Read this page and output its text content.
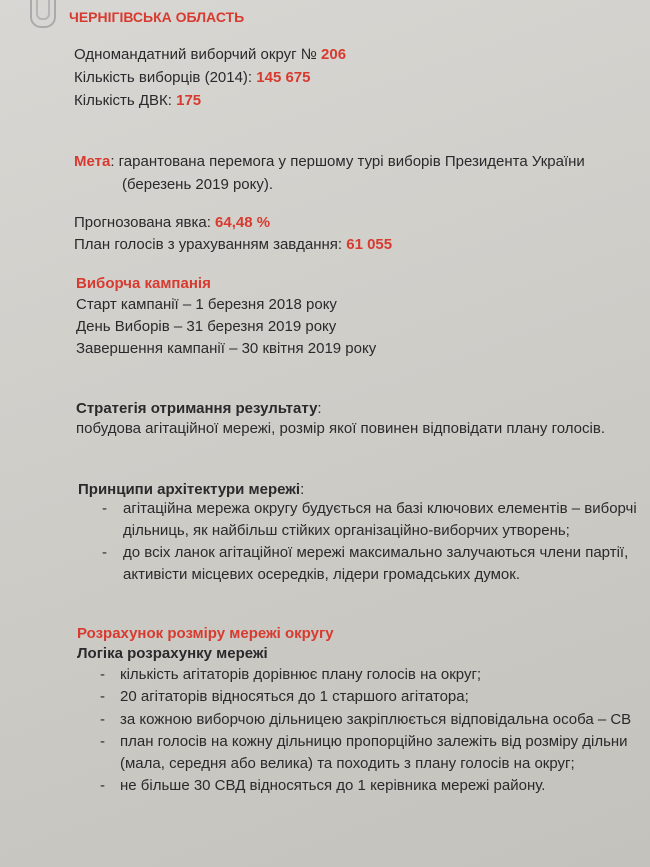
ЧЕРНІГІВСЬКА ОБЛАСТЬ
Одномандатний виборчий округ № 206
Кількість виборців (2014): 145 675
Кількість ДВК: 175
Мета: гарантована перемога у першому турі виборів Президента України
(березень 2019 року).
Прогнозована явка: 64,48 %
План голосів з урахуванням завдання: 61 055
Виборча кампанія
Старт кампанії – 1 березня 2018 року
День Виборів – 31 березня 2019 року
Завершення кампанії – 30 квітня 2019 року
Стратегія отримання результату:
побудова агітаційної мережі, розмір якої повинен відповідати плану голосів.
Принципи архітектури мережі:
- агітаційна мережа округу будується на базі ключових елементів – виборчі
дільниць, як найбільш стійких організаційно-виборчих утворень;
- до всіх ланок агітаційної мережі максимально залучаються члени партії,
активісти місцевих осередків, лідери громадських думок.
Розрахунок розміру мережі округу
Логіка розрахунку мережі
- кількість агітаторів дорівнює плану голосів на округ;
- 20 агітаторів відносяться до 1 старшого агітатора;
- за кожною виборчою дільницею закріплюється відповідальна особа – СВ
- план голосів на кожну дільницю пропорційно залежіть від розміру дільни
(мала, середня або велика) та походить з плану голосів на округ;
- не більше 30 СВД відносяться до 1 керівника мережі району.
